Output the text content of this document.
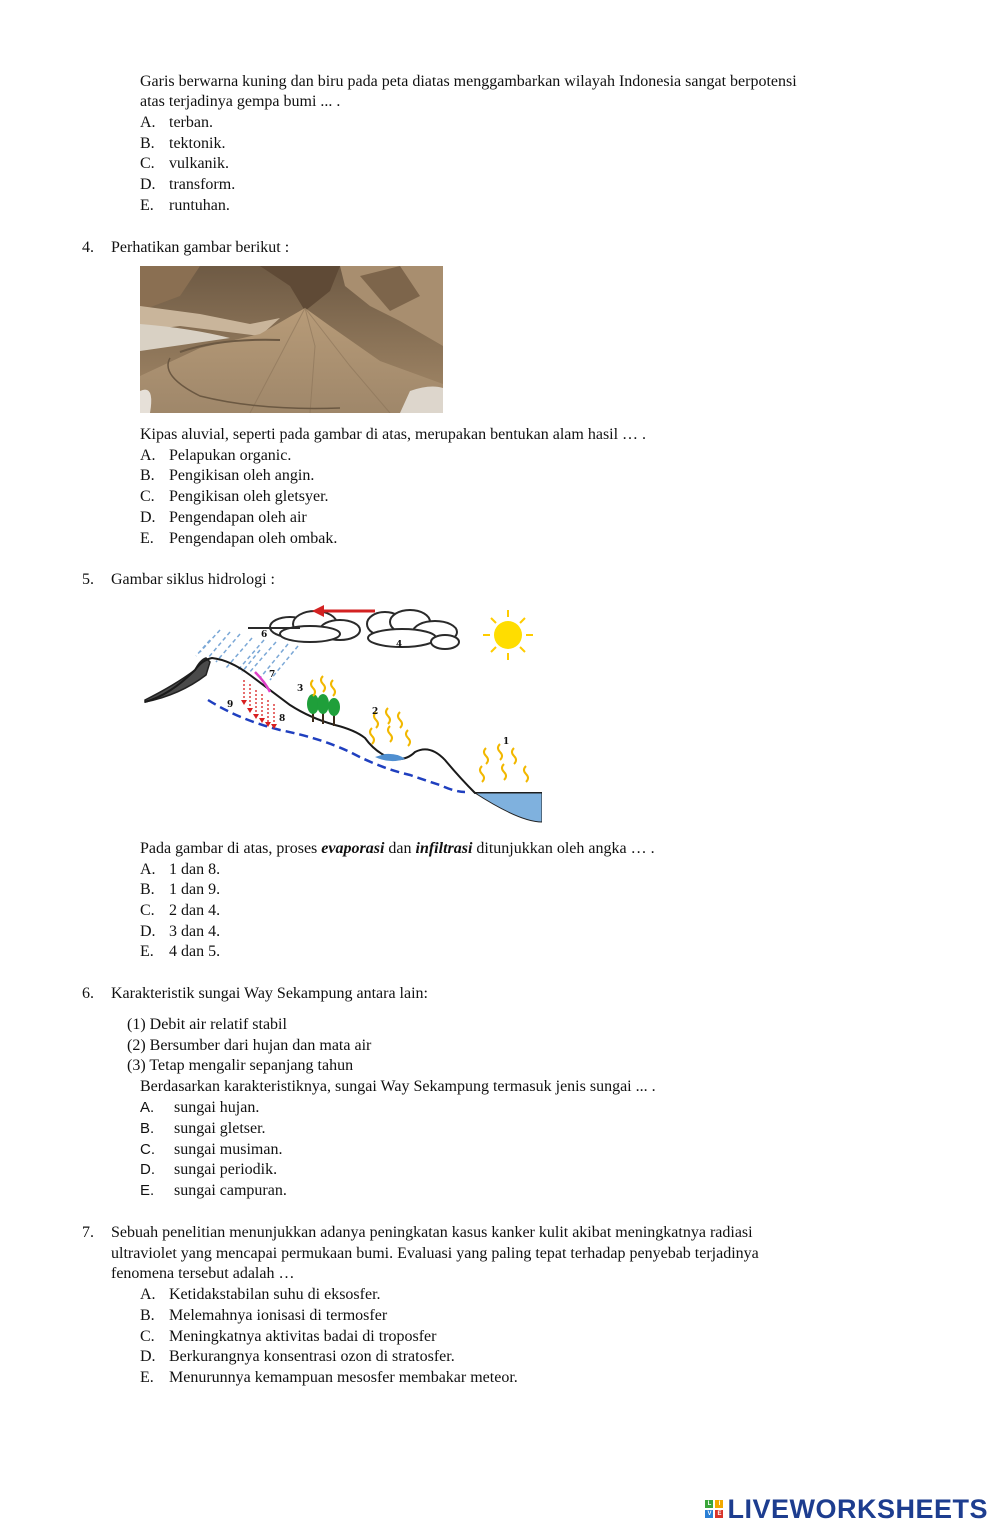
Garis berwarna kuning dan biru pada peta diatas menggambarkan wilayah Indonesia sangat berpotensi
atas terjadinya gempa bumi ... .
A. terban.
B. tektonik.
C. vulkanik.
D. transform.
E. runtuhan.
4. Perhatikan gambar berikut :
Kipas aluvial, seperti pada gambar di atas, merupakan bentukan alam hasil … .
A. Pelapukan organic.
B. Pengikisan oleh angin.
C. Pengikisan oleh gletsyer.
D. Pengendapan oleh air
E. Pengendapan oleh ombak.
5. Gambar siklus hidrologi :
1
2
3
4
6
7
8
9
Pada gambar di atas, proses evaporasi dan infiltrasi ditunjukkan oleh angka … .
A. 1 dan 8.
B. 1 dan 9.
C. 2 dan 4.
D. 3 dan 4.
E. 4 dan 5.
6. Karakteristik sungai Way Sekampung antara lain:
(1) Debit air relatif stabil
(2) Bersumber dari hujan dan mata air
(3) Tetap mengalir sepanjang tahun
Berdasarkan karakteristiknya, sungai Way Sekampung termasuk jenis sungai ... .
A. sungai hujan.
B. sungai gletser.
C. sungai musiman.
D. sungai periodik.
E. sungai campuran.
7. Sebuah penelitian menunjukkan adanya peningkatan kasus kanker kulit akibat meningkatnya radiasi
ultraviolet yang mencapai permukaan bumi. Evaluasi yang paling tepat terhadap penyebab terjadinya
fenomena tersebut adalah …
A. Ketidakstabilan suhu di eksosfer.
B. Melemahnya ionisasi di termosfer
C. Meningkatnya aktivitas badai di troposfer
D. Berkurangnya konsentrasi ozon di stratosfer.
E. Menurunnya kemampuan mesosfer membakar meteor.
L	I
V E LIVEWORKSHEETS
